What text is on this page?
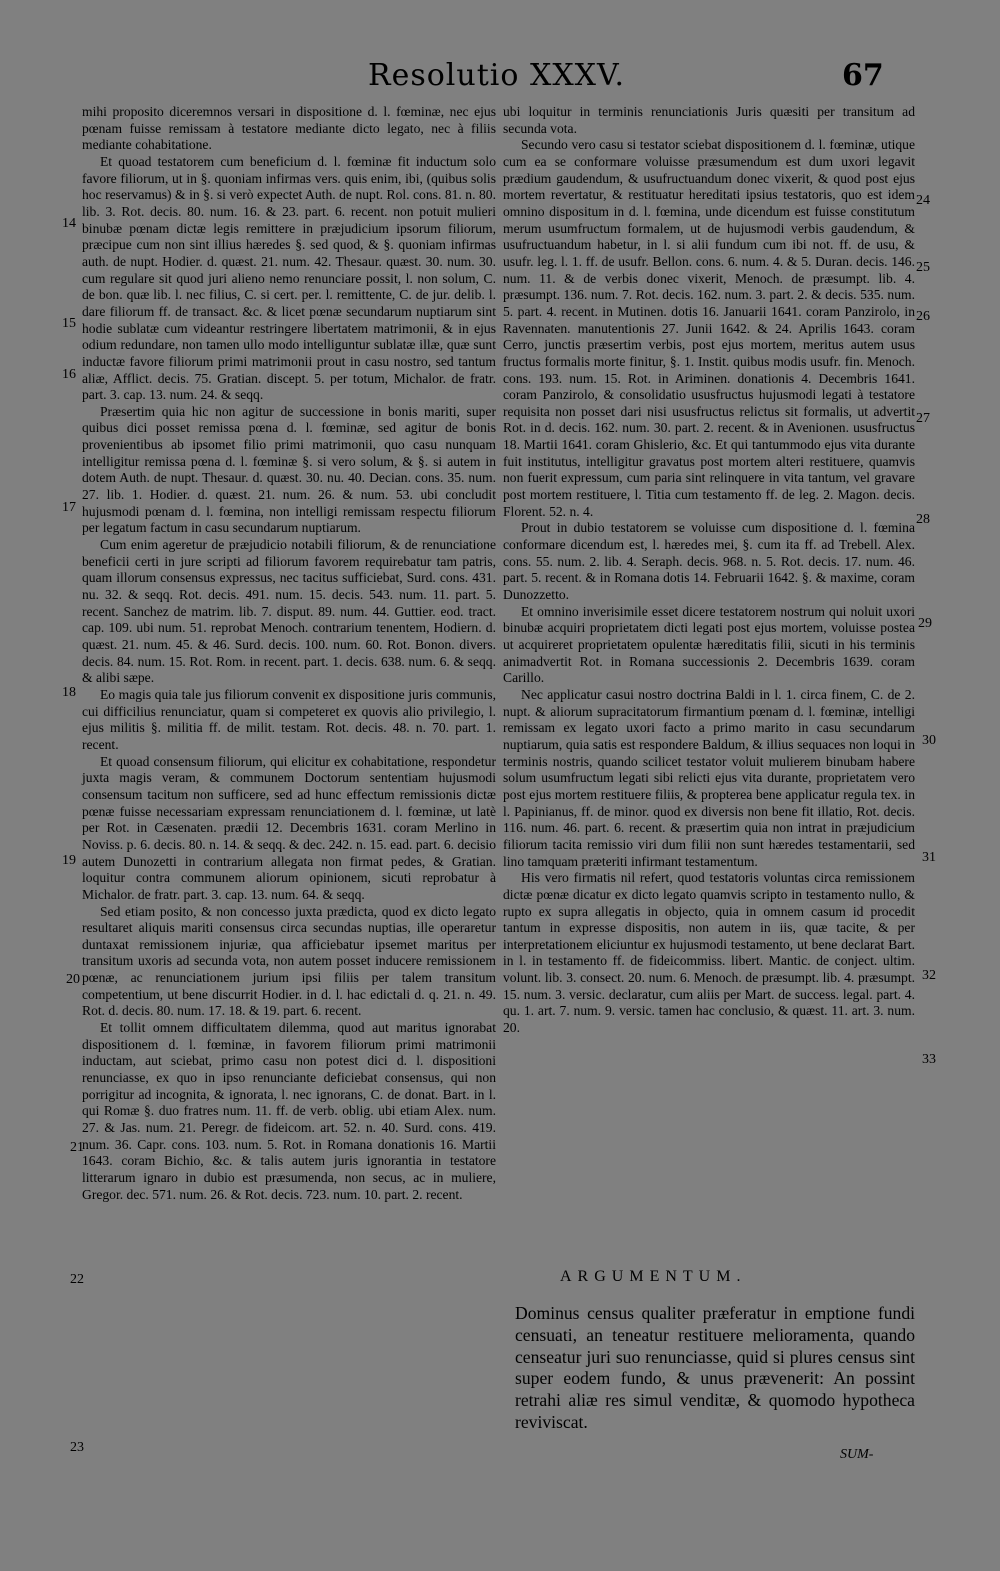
Resolutio XXXV.	67

mihi proposito diceremnos versari in dispositione d. l. fœminæ, nec ejus pœnam fuisse remissam à testatore mediante dicto legato, nec à filiis mediante cohabitatione.

Et quoad testatorem cum beneficium d. l. fœminæ fit inductum solo favore filiorum, ut in §. quoniam infirmas vers. quis enim, ibi, (quibus solis hoc reservamus) & in §. si verò expectet Auth. de nupt. Rol. cons. 81. n. 80. lib. 3. Rot. decis. 80. num. 16. & 23. part. 6. recent. non potuit mulieri binubæ pœnam dictæ legis remittere in præjudicium ipsorum filiorum, præcipue cum non sint illius hæredes §. sed quod, & §. quoniam infirmas auth. de nupt. Hodier. d. quæst. 21. num. 42. Thesaur. quæst. 30. num. 30. cum regulare sit quod juri alieno nemo renunciare possit, l. non solum, C. de bon. quæ lib. l. nec filius, C. si cert. per. l. remittente, C. de jur. delib. l. dare filiorum ff. de transact. &c. & licet pœnæ secundarum nuptiarum sint hodie sublatæ cum videantur restringere libertatem matrimonii, & in ejus odium redundare, non tamen ullo modo intelliguntur sublatæ illæ, quæ sunt inductæ favore filiorum primi matrimonii prout in casu nostro, sed tantum aliæ, Afflict. decis. 75. Gratian. discept. 5. per totum, Michalor. de fratr. part. 3. cap. 13. num. 24. & seqq.

Præsertim quia hic non agitur de successione in bonis mariti, super quibus dici posset remissa pœna d. l. fœminæ, sed agitur de bonis provenientibus ab ipsomet filio primi matrimonii, quo casu nunquam intelligitur remissa pœna d. l. fœminæ §. si vero solum, & §. si autem in dotem Auth. de nupt. Thesaur. d. quæst. 30. nu. 40. Decian. cons. 35. num. 27. lib. 1. Hodier. d. quæst. 21. num. 26. & num. 53. ubi concludit hujusmodi pœnam d. l. fœmina, non intelligi remissam respectu filiorum per legatum factum in casu secundarum nuptiarum.

Cum enim ageretur de præjudicio notabili filiorum, & de renunciatione beneficii certi in jure scripti ad filiorum favorem requirebatur tam patris, quam illorum consensus expressus, nec tacitus sufficiebat, Surd. cons. 431. nu. 32. & seqq. Rot. decis. 491. num. 15. decis. 543. num. 11. part. 5. recent. Sanchez de matrim. lib. 7. disput. 89. num. 44. Guttier. eod. tract. cap. 109. ubi num. 51. reprobat Menoch. contrarium tenentem, Hodiern. d. quæst. 21. num. 45. & 46. Surd. decis. 100. num. 60. Rot. Bonon. divers. decis. 84. num. 15. Rot. Rom. in recent. part. 1. decis. 638. num. 6. & seqq. & alibi sæpe.

Eo magis quia tale jus filiorum convenit ex dispositione juris communis, cui difficilius renunciatur, quam si competeret ex quovis alio privilegio, l. ejus militis §. militia ff. de milit. testam. Rot. decis. 48. n. 70. part. 1. recent.

Et quoad consensum filiorum, qui elicitur ex cohabitatione, respondetur juxta magis veram, & communem Doctorum sententiam hujusmodi consensum tacitum non sufficere, sed ad hunc effectum remissionis dictæ pœnæ fuisse necessariam expressam renunciationem d. l. fœminæ, ut latè per Rot. in Cæsenaten. prædii 12. Decembris 1631. coram Merlino in Noviss. p. 6. decis. 80. n. 14. & seqq. & dec. 242. n. 15. ead. part. 6. decisio autem Dunozetti in contrarium allegata non firmat pedes, & Gratian. loquitur contra communem aliorum opinionem, sicuti reprobatur à Michalor. de fratr. part. 3. cap. 13. num. 64. & seqq.

Sed etiam posito, & non concesso juxta prædicta, quod ex dicto legato resultaret aliquis mariti consensus circa secundas nuptias, ille operaretur duntaxat remissionem injuriæ, qua afficiebatur ipsemet maritus per transitum uxoris ad secunda vota, non autem posset inducere remissionem pœnæ, ac renunciationem jurium ipsi filiis per talem transitum competentium, ut bene discurrit Hodier. in d. l. hac edictali d. q. 21. n. 49. Rot. d. decis. 80. num. 17. 18. & 19. part. 6. recent.

Et tollit omnem difficultatem dilemma, quod aut maritus ignorabat dispositionem d. l. fœminæ, in favorem filiorum primi matrimonii inductam, aut sciebat, primo casu non potest dici d. l. dispositioni renunciasse, ex quo in ipso renunciante deficiebat consensus, qui non porrigitur ad incognita, & ignorata, l. nec ignorans, C. de donat. Bart. in l. qui Romæ §. duo fratres num. 11. ff. de verb. oblig. ubi etiam Alex. num. 27. & Jas. num. 21. Peregr. de fideicom. art. 52. n. 40. Surd. cons. 419. num. 36. Capr. cons. 103. num. 5. Rot. in Romana donationis 16. Martii 1643. coram Bichio, &c. & talis autem juris ignorantia in testatore litterarum ignaro in dubio est præsumenda, non secus, ac in muliere, Gregor. dec. 571. num. 26. & Rot. decis. 723. num. 10. part. 2. recent.

ubi loquitur in terminis renunciationis Juris quæsiti per transitum ad secunda vota.

Secundo vero casu si testator sciebat dispositionem d. l. fœminæ, utique cum ea se conformare voluisse præsumendum est dum uxori legavit prædium gaudendum, & usufructuandum donec vixerit, & quod post ejus mortem revertatur, & restituatur hereditati ipsius testatoris, quo est idem omnino dispositum in d. l. fœmina, unde dicendum est fuisse constitutum merum usumfructum formalem, ut de hujusmodi verbis gaudendum, & usufructuandum habetur, in l. si alii fundum cum ibi not. ff. de usu, & usufr. leg. l. 1. ff. de usufr. Bellon. cons. 6. num. 4. & 5. Duran. decis. 146. num. 11. & de verbis donec vixerit, Menoch. de præsumpt. lib. 4. præsumpt. 136. num. 7. Rot. decis. 162. num. 3. part. 2. & decis. 535. num. 5. part. 4. recent. in Mutinen. dotis 16. Januarii 1641. coram Panzirolo, in Ravennaten. manutentionis 27. Junii 1642. & 24. Aprilis 1643. coram Cerro, junctis præsertim verbis, post ejus mortem, meritus autem usus fructus formalis morte finitur, §. 1. Instit. quibus modis usufr. fin. Menoch. cons. 193. num. 15. Rot. in Ariminen. donationis 4. Decembris 1641. coram Panzirolo, & consolidatio ususfructus hujusmodi legati à testatore requisita non posset dari nisi ususfructus relictus sit formalis, ut advertit Rot. in d. decis. 162. num. 30. part. 2. recent. & in Avenionen. ususfructus 18. Martii 1641. coram Ghislerio, &c. Et qui tantummodo ejus vita durante fuit institutus, intelligitur gravatus post mortem alteri restituere, quamvis non fuerit expressum, cum paria sint relinquere in vita tantum, vel gravare post mortem restituere, l. Titia cum testamento ff. de leg. 2. Magon. decis. Florent. 52. n. 4.

Prout in dubio testatorem se voluisse cum dispositione d. l. fœmina conformare dicendum est, l. hæredes mei, §. cum ita ff. ad Trebell. Alex. cons. 55. num. 2. lib. 4. Seraph. decis. 968. n. 5. Rot. decis. 17. num. 46. part. 5. recent. & in Romana dotis 14. Februarii 1642. §. & maxime, coram Dunozzetto.

Et omnino inverisimile esset dicere testatorem nostrum qui noluit uxori binubæ acquiri proprietatem dicti legati post ejus mortem, voluisse postea ut acquireret proprietatem opulentæ hæreditatis filii, sicuti in his terminis animadvertit Rot. in Romana successionis 2. Decembris 1639. coram Carillo.

Nec applicatur casui nostro doctrina Baldi in l. 1. circa finem, C. de 2. nupt. & aliorum supracitatorum firmantium pœnam d. l. fœminæ, intelligi remissam ex legato uxori facto a primo marito in casu secundarum nuptiarum, quia satis est respondere Baldum, & illius sequaces non loqui in terminis nostris, quando scilicet testator voluit mulierem binubam habere solum usumfructum legati sibi relicti ejus vita durante, proprietatem vero post ejus mortem restituere filiis, & propterea bene applicatur regula tex. in l. Papinianus, ff. de minor. quod ex diversis non bene fit illatio, Rot. decis. 116. num. 46. part. 6. recent. & præsertim quia non intrat in præjudicium filiorum tacita remissio viri dum filii non sunt hæredes testamentarii, sed lino tamquam præteriti infirmant testamentum.

His vero firmatis nil refert, quod testatoris voluntas circa remissionem dictæ pœnæ dicatur ex dicto legato quamvis scripto in testamento nullo, & rupto ex supra allegatis in objecto, quia in omnem casum id procedit tantum in expresse dispositis, non autem in iis, quæ tacite, & per interpretationem eliciuntur ex hujusmodi testamento, ut bene declarat Bart. in l. in testamento ff. de fideicommiss. libert. Mantic. de conject. ultim. volunt. lib. 3. consect. 20. num. 6. Menoch. de præsumpt. lib. 4. præsumpt. 15. num. 3. versic. declaratur, cum aliis per Mart. de success. legal. part. 4. qu. 1. art. 7. num. 9. versic. tamen hac conclusio, & quæst. 11. art. 3. num. 20.

14
15
16
17
18
19
20
21
22
23
24
25
26
27
28
29
30
31
32
33
ARGUMENTUM.

Dominus census qualiter præferatur in emptione fundi censuati, an teneatur restituere melioramenta, quando censeatur juri suo renunciasse, quid si plures census sint super eodem fundo, & unus prævenerit: An possint retrahi aliæ res simul venditæ, & quomodo hypotheca reviviscat.

SUM-
